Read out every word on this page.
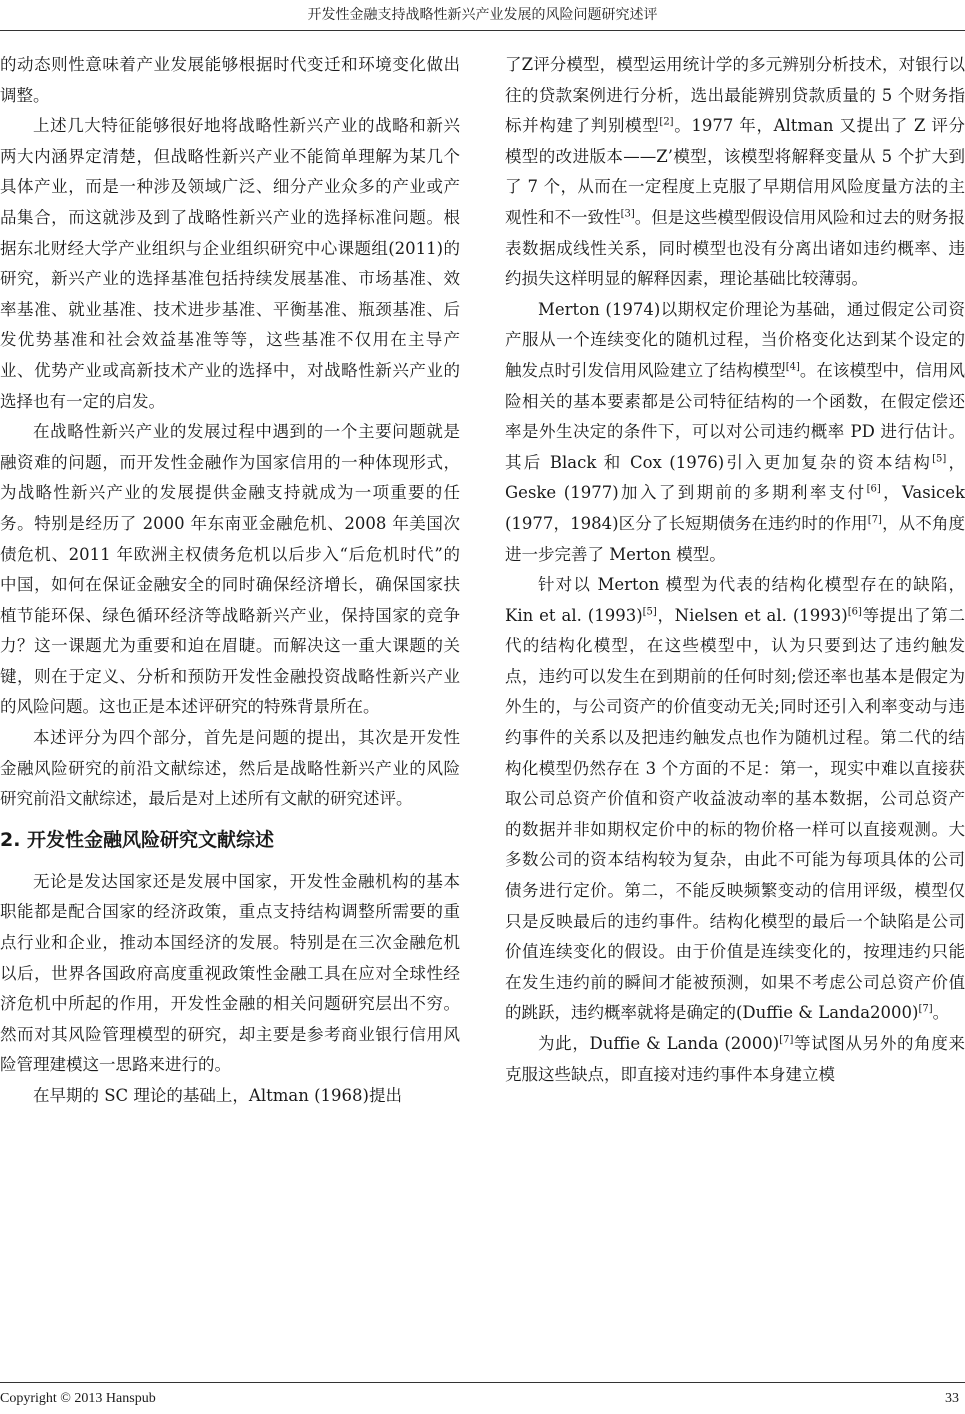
开发性金融支持战略性新兴产业发展的风险问题研究述评

的动态则性意味着产业发展能够根据时代变迁和环境变化做出调整。

上述几大特征能够很好地将战略性新兴产业的战略和新兴两大内涵界定清楚，但战略性新兴产业不能简单理解为某几个具体产业，而是一种涉及领域广泛、细分产业众多的产业或产品集合，而这就涉及到了战略性新兴产业的选择标准问题。根据东北财经大学产业组织与企业组织研究中心课题组(2011)的研究，新兴产业的选择基准包括持续发展基准、市场基准、效率基准、就业基准、技术进步基准、平衡基准、瓶颈基准、后发优势基准和社会效益基准等等，这些基准不仅用在主导产业、优势产业或高新技术产业的选择中，对战略性新兴产业的选择也有一定的启发。

在战略性新兴产业的发展过程中遇到的一个主要问题就是融资难的问题，而开发性金融作为国家信用的一种体现形式，为战略性新兴产业的发展提供金融支持就成为一项重要的任务。特别是经历了 2000 年东南亚金融危机、2008 年美国次债危机、2011 年欧洲主权债务危机以后步入“后危机时代”的中国，如何在保证金融安全的同时确保经济增长，确保国家扶植节能环保、绿色循环经济等战略新兴产业，保持国家的竞争力？这一课题尤为重要和迫在眉睫。而解决这一重大课题的关键，则在于定义、分析和预防开发性金融投资战略性新兴产业的风险问题。这也正是本述评研究的特殊背景所在。

本述评分为四个部分，首先是问题的提出，其次是开发性金融风险研究的前沿文献综述，然后是战略性新兴产业的风险研究前沿文献综述，最后是对上述所有文献的研究述评。

2. 开发性金融风险研究文献综述

无论是发达国家还是发展中国家，开发性金融机构的基本职能都是配合国家的经济政策，重点支持结构调整所需要的重点行业和企业，推动本国经济的发展。特别是在三次金融危机以后，世界各国政府高度重视政策性金融工具在应对全球性经济危机中所起的作用，开发性金融的相关问题研究层出不穷。然而对其风险管理模型的研究，却主要是参考商业银行信用风险管理建模这一思路来进行的。

在早期的 SC 理论的基础上，Altman (1968)提出

了Z评分模型，模型运用统计学的多元辨别分析技术，对银行以往的贷款案例进行分析，选出最能辨别贷款质量的 5 个财务指标并构建了判别模型[2]。1977 年，Altman 又提出了 Z 评分模型的改进版本——Z’模型，该模型将解释变量从 5 个扩大到了 7 个，从而在一定程度上克服了早期信用风险度量方法的主观性和不一致性[3]。但是这些模型假设信用风险和过去的财务报表数据成线性关系，同时模型也没有分离出诸如违约概率、违约损失这样明显的解释因素，理论基础比较薄弱。

Merton (1974)以期权定价理论为基础，通过假定公司资产服从一个连续变化的随机过程，当价格变化达到某个设定的触发点时引发信用风险建立了结构模型[4]。在该模型中，信用风险相关的基本要素都是公司特征结构的一个函数，在假定偿还率是外生决定的条件下，可以对公司违约概率 PD 进行估计。其后 Black 和 Cox (1976)引入更加复杂的资本结构[5]，Geske (1977)加入了到期前的多期利率支付[6]，Vasicek (1977，1984)区分了长短期债务在违约时的作用[7]，从不角度进一步完善了 Merton 模型。

针对以 Merton 模型为代表的结构化模型存在的缺陷，Kin et al. (1993)[5]，Nielsen et al. (1993)[6]等提出了第二代的结构化模型，在这些模型中，认为只要到达了违约触发点，违约可以发生在到期前的任何时刻;偿还率也基本是假定为外生的，与公司资产的价值变动无关;同时还引入利率变动与违约事件的关系以及把违约触发点也作为随机过程。第二代的结构化模型仍然存在 3 个方面的不足：第一，现实中难以直接获取公司总资产价值和资产收益波动率的基本数据，公司总资产的数据并非如期权定价中的标的物价格一样可以直接观测。大多数公司的资本结构较为复杂，由此不可能为每项具体的公司债务进行定价。第二，不能反映频繁变动的信用评级，模型仅只是反映最后的违约事件。结构化模型的最后一个缺陷是公司价值连续变化的假设。由于价值是连续变化的，按理违约只能在发生违约前的瞬间才能被预测，如果不考虑公司总资产价值的跳跃，违约概率就将是确定的(Duffie & Landa2000)[7]。

为此，Duffie & Landa (2000)[7]等试图从另外的角度来克服这些缺点，即直接对违约事件本身建立模

Copyright © 2013 Hanspub	33
